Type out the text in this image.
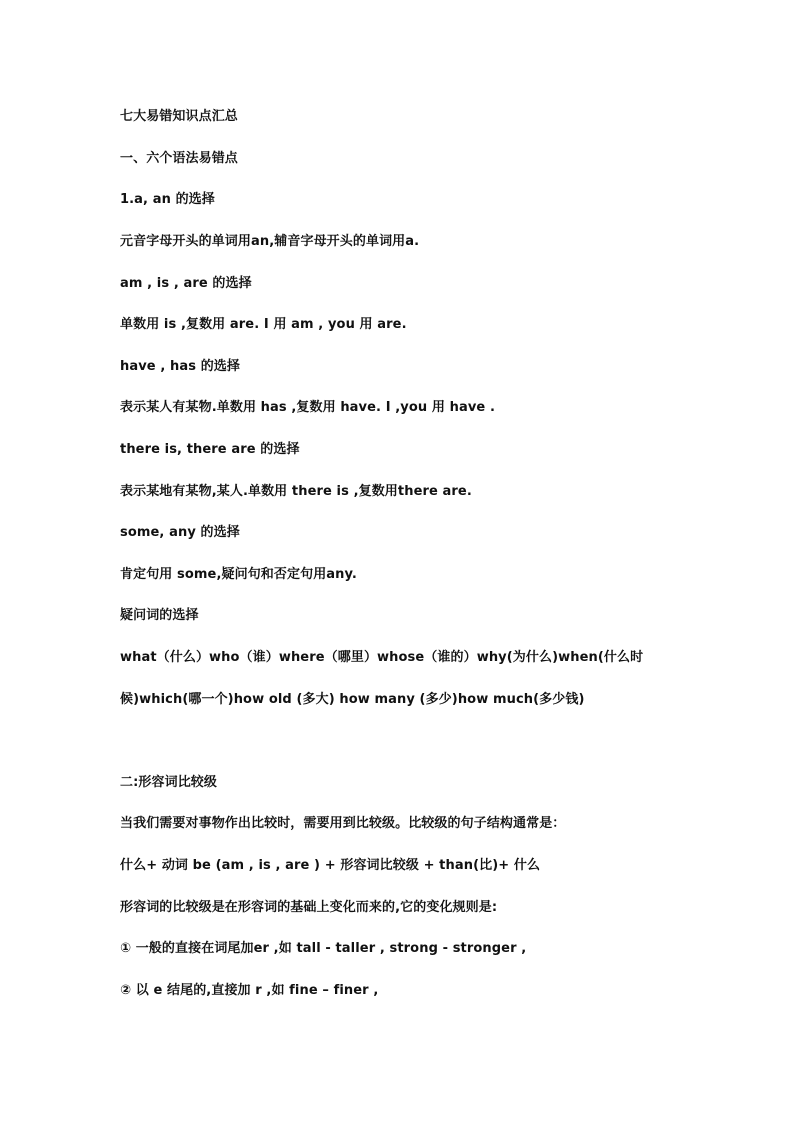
七大易错知识点汇总
一、六个语法易错点
1.a, an 的选择
元音字母开头的单词用an,辅音字母开头的单词用a.
am , is , are 的选择
单数用 is ,复数用 are. I 用 am , you 用 are.
have , has 的选择
表示某人有某物.单数用 has ,复数用 have. I ,you 用 have .
there is, there are 的选择
表示某地有某物,某人.单数用 there is ,复数用there are.
some, any 的选择
肯定句用 some,疑问句和否定句用any.
疑问词的选择
what（什么）who（谁）where（哪里）whose（谁的）why(为什么)when(什么时
候)which(哪一个)how old (多大) how many (多少)how much(多少钱)
二:形容词比较级
当我们需要对事物作出比较时，需要用到比较级。比较级的句子结构通常是：
什么+ 动词 be (am , is , are ) + 形容词比较级 + than(比)+ 什么
形容词的比较级是在形容词的基础上变化而来的,它的变化规则是:
① 一般的直接在词尾加er ,如 tall - taller , strong - stronger ,
② 以 e 结尾的,直接加 r ,如 fine – finer ,
